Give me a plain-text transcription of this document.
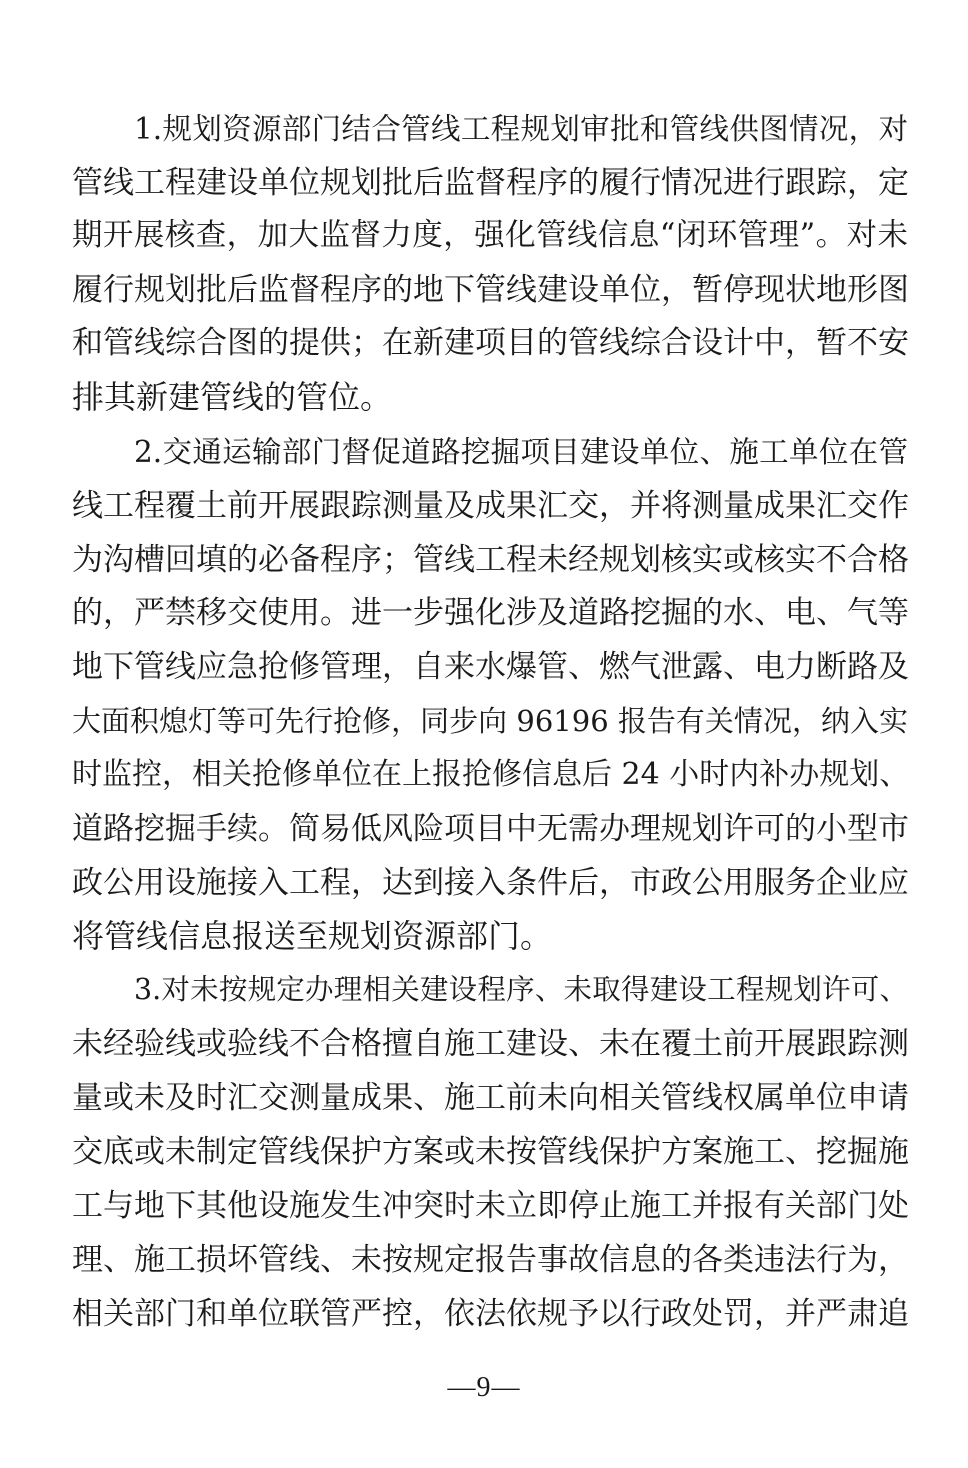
1.规划资源部门结合管线工程规划审批和管线供图情况，对
管线工程建设单位规划批后监督程序的履行情况进行跟踪，定
期开展核查，加大监督力度，强化管线信息“闭环管理”。对未
履行规划批后监督程序的地下管线建设单位，暂停现状地形图
和管线综合图的提供；在新建项目的管线综合设计中，暂不安
排其新建管线的管位。
2.交通运输部门督促道路挖掘项目建设单位、施工单位在管
线工程覆土前开展跟踪测量及成果汇交，并将测量成果汇交作
为沟槽回填的必备程序；管线工程未经规划核实或核实不合格
的，严禁移交使用。进一步强化涉及道路挖掘的水、电、气等
地下管线应急抢修管理，自来水爆管、燃气泄露、电力断路及
大面积熄灯等可先行抢修，同步向 96196 报告有关情况，纳入实
时监控，相关抢修单位在上报抢修信息后 24 小时内补办规划、
道路挖掘手续。简易低风险项目中无需办理规划许可的小型市
政公用设施接入工程，达到接入条件后，市政公用服务企业应
将管线信息报送至规划资源部门。
3.对未按规定办理相关建设程序、未取得建设工程规划许可、
未经验线或验线不合格擅自施工建设、未在覆土前开展跟踪测
量或未及时汇交测量成果、施工前未向相关管线权属单位申请
交底或未制定管线保护方案或未按管线保护方案施工、挖掘施
工与地下其他设施发生冲突时未立即停止施工并报有关部门处
理、施工损坏管线、未按规定报告事故信息的各类违法行为，
相关部门和单位联管严控，依法依规予以行政处罚，并严肃追
—9—
